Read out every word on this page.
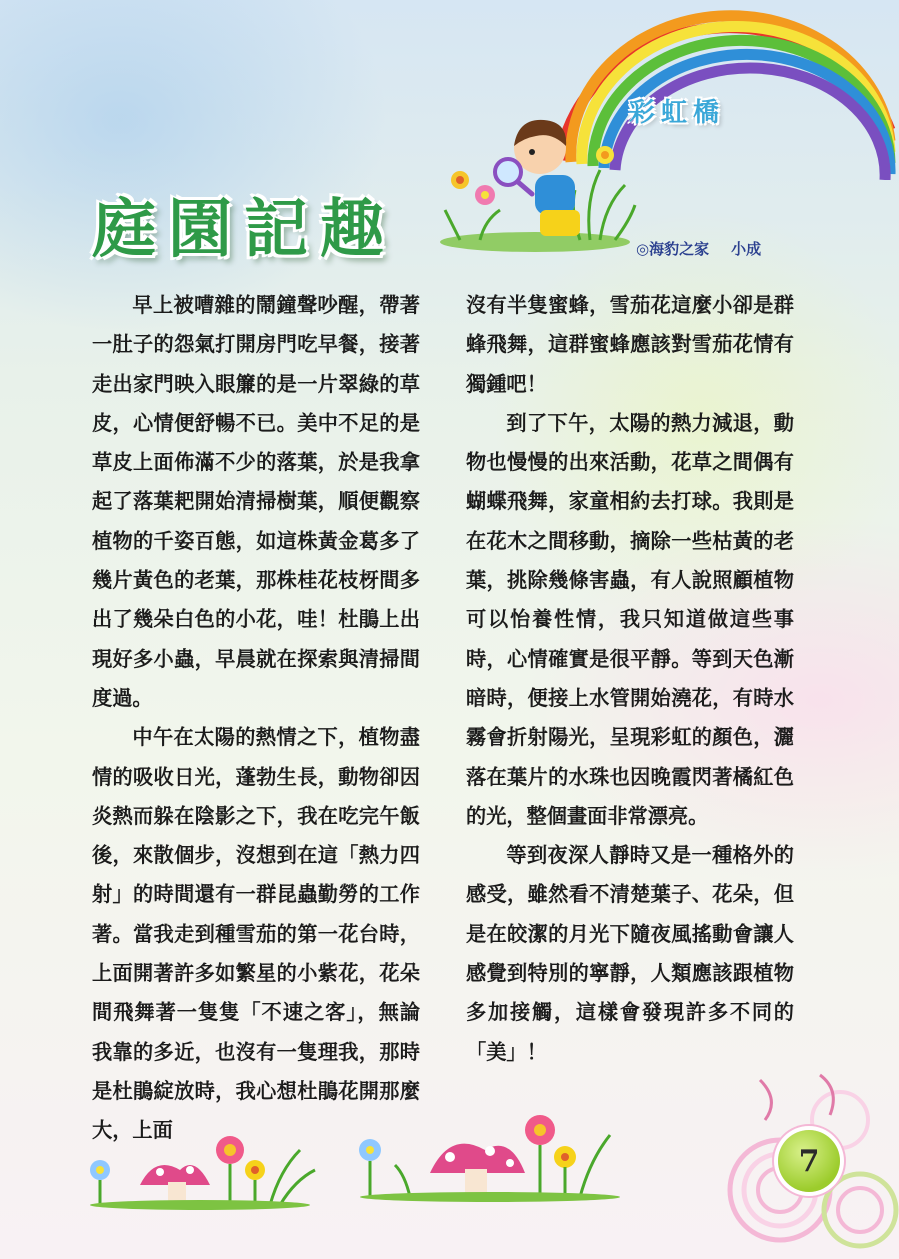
彩虹橋
庭園記趣	◎海豹之家 小成

早上被嘈雜的鬧鐘聲吵醒，帶著一肚子的怨氣打開房門吃早餐，接著走出家門映入眼簾的是一片翠綠的草皮，心情便舒暢不已。美中不足的是草皮上面佈滿不少的落葉，於是我拿起了落葉耙開始清掃樹葉，順便觀察植物的千姿百態，如這株黃金葛多了幾片黃色的老葉，那株桂花枝枒間多出了幾朵白色的小花，哇！杜鵑上出現好多小蟲，早晨就在探索與清掃間度過。

中午在太陽的熱情之下，植物盡情的吸收日光，蓬勃生長，動物卻因炎熱而躲在陰影之下，我在吃完午飯後，來散個步，沒想到在這「熱力四射」的時間還有一群昆蟲勤勞的工作著。當我走到種雪茄的第一花台時，上面開著許多如繁星的小紫花，花朵間飛舞著一隻隻「不速之客」，無論我靠的多近，也沒有一隻理我，那時是杜鵑綻放時，我心想杜鵑花開那麼大，上面

沒有半隻蜜蜂，雪茄花這麼小卻是群蜂飛舞，這群蜜蜂應該對雪茄花情有獨鍾吧！

到了下午，太陽的熱力減退，動物也慢慢的出來活動，花草之間偶有蝴蝶飛舞，家童相約去打球。我則是在花木之間移動，摘除一些枯黃的老葉，挑除幾條害蟲，有人說照顧植物可以怡養性情，我只知道做這些事時，心情確實是很平靜。等到天色漸暗時，便接上水管開始澆花，有時水霧會折射陽光，呈現彩虹的顏色，灑落在葉片的水珠也因晚霞閃著橘紅色的光，整個畫面非常漂亮。

等到夜深人靜時又是一種格外的感受，雖然看不清楚葉子、花朵，但是在皎潔的月光下隨夜風搖動會讓人感覺到特別的寧靜，人類應該跟植物多加接觸，這樣會發現許多不同的「美」！

7
